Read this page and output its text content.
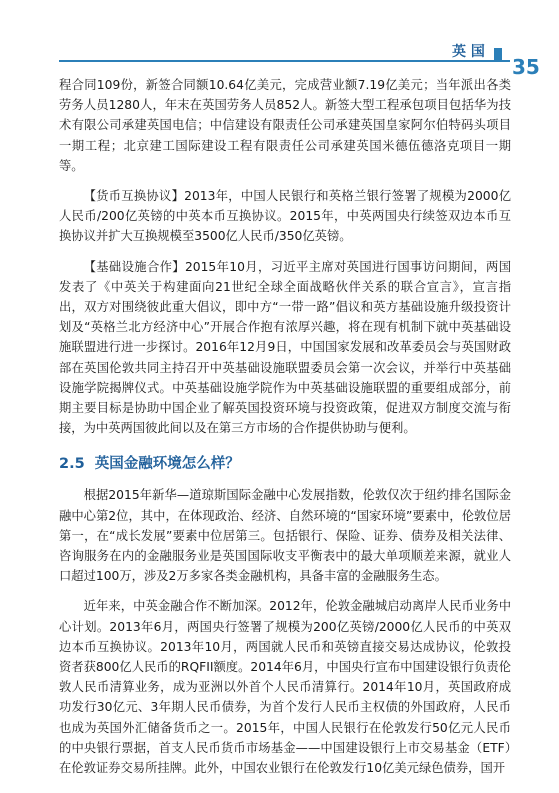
英 国
35

程合同109份，新签合同额10.64亿美元，完成营业额7.19亿美元；当年派出各类劳务人员1280人，年末在英国劳务人员852人。新签大型工程承包项目包括华为技术有限公司承建英国电信；中信建设有限责任公司承建英国皇家阿尔伯特码头项目一期工程；北京建工国际建设工程有限责任公司承建英国米德伍德洛克项目一期等。

【货币互换协议】2013年，中国人民银行和英格兰银行签署了规模为2000亿人民币/200亿英镑的中英本币互换协议。2015年，中英两国央行续签双边本币互换协议并扩大互换规模至3500亿人民币/350亿英镑。

【基础设施合作】2015年10月，习近平主席对英国进行国事访问期间，两国发表了《中英关于构建面向21世纪全球全面战略伙伴关系的联合宣言》，宣言指出，双方对围绕彼此重大倡议，即中方“一带一路”倡议和英方基础设施升级投资计划及“英格兰北方经济中心”开展合作抱有浓厚兴趣，将在现有机制下就中英基础设施联盟进行进一步探讨。2016年12月9日，中国国家发展和改革委员会与英国财政部在英国伦敦共同主持召开中英基础设施联盟委员会第一次会议，并举行中英基础设施学院揭牌仪式。中英基础设施学院作为中英基础设施联盟的重要组成部分，前期主要目标是协助中国企业了解英国投资环境与投资政策，促进双方制度交流与衔接，为中英两国彼此间以及在第三方市场的合作提供协助与便利。

2.5 英国金融环境怎么样？

根据2015年新华—道琼斯国际金融中心发展指数，伦敦仅次于纽约排名国际金融中心第2位，其中，在体现政治、经济、自然环境的“国家环境”要素中，伦敦位居第一，在“成长发展”要素中位居第三。包括银行、保险、证券、债券及相关法律、咨询服务在内的金融服务业是英国国际收支平衡表中的最大单项顺差来源，就业人口超过100万，涉及2万多家各类金融机构，具备丰富的金融服务生态。

近年来，中英金融合作不断加深。2012年，伦敦金融城启动离岸人民币业务中心计划。2013年6月，两国央行签署了规模为200亿英镑/2000亿人民币的中英双边本币互换协议。2013年10月，两国就人民币和英镑直接交易达成协议，伦敦投资者获800亿人民币的RQFII额度。2014年6月，中国央行宣布中国建设银行负责伦敦人民币清算业务，成为亚洲以外首个人民币清算行。2014年10月，英国政府成功发行30亿元、3年期人民币债券，为首个发行人民币主权债的外国政府，人民币也成为英国外汇储备货币之一。2015年，中国人民银行在伦敦发行50亿元人民币的中央银行票据，首支人民币货币市场基金——中国建设银行上市交易基金（ETF）在伦敦证券交易所挂牌。此外，中国农业银行在伦敦发行10亿美元绿色债券，国开
